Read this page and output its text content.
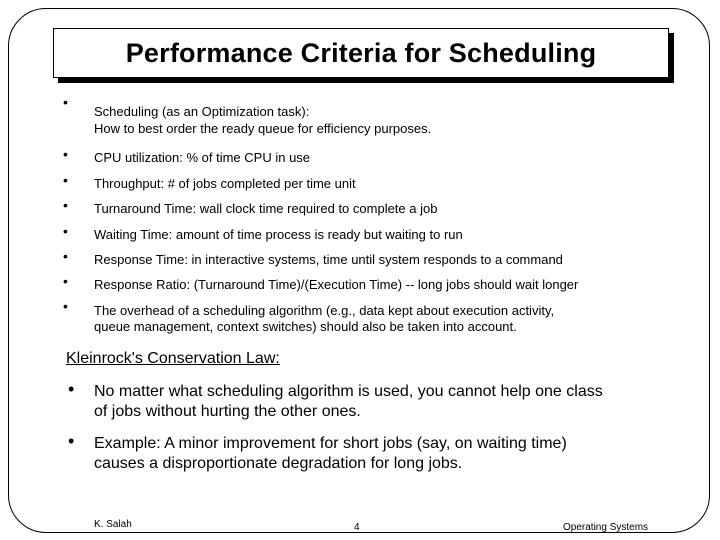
Performance Criteria for Scheduling
•
Scheduling (as an Optimization task):
How to best order the ready queue for efficiency purposes.
• CPU utilization: % of time CPU in use
• Throughput: # of jobs completed per time unit
• Turnaround Time: wall clock time required to complete a job
• Waiting Time: amount of time process is ready but waiting to run
• Response Time: in interactive systems, time until system responds to a command
• Response Ratio: (Turnaround Time)/(Execution Time) -- long jobs should wait longer
• The overhead of a scheduling algorithm (e.g., data kept about execution activity,
queue management, context switches) should also be taken into account.
Kleinrock's Conservation Law:
• No matter what scheduling algorithm is used, you cannot help one class
of jobs without hurting the other ones.
• Example: A minor improvement for short jobs (say, on waiting time)
causes a disproportionate degradation for long jobs.
K. Salah	4	Operating Systems
